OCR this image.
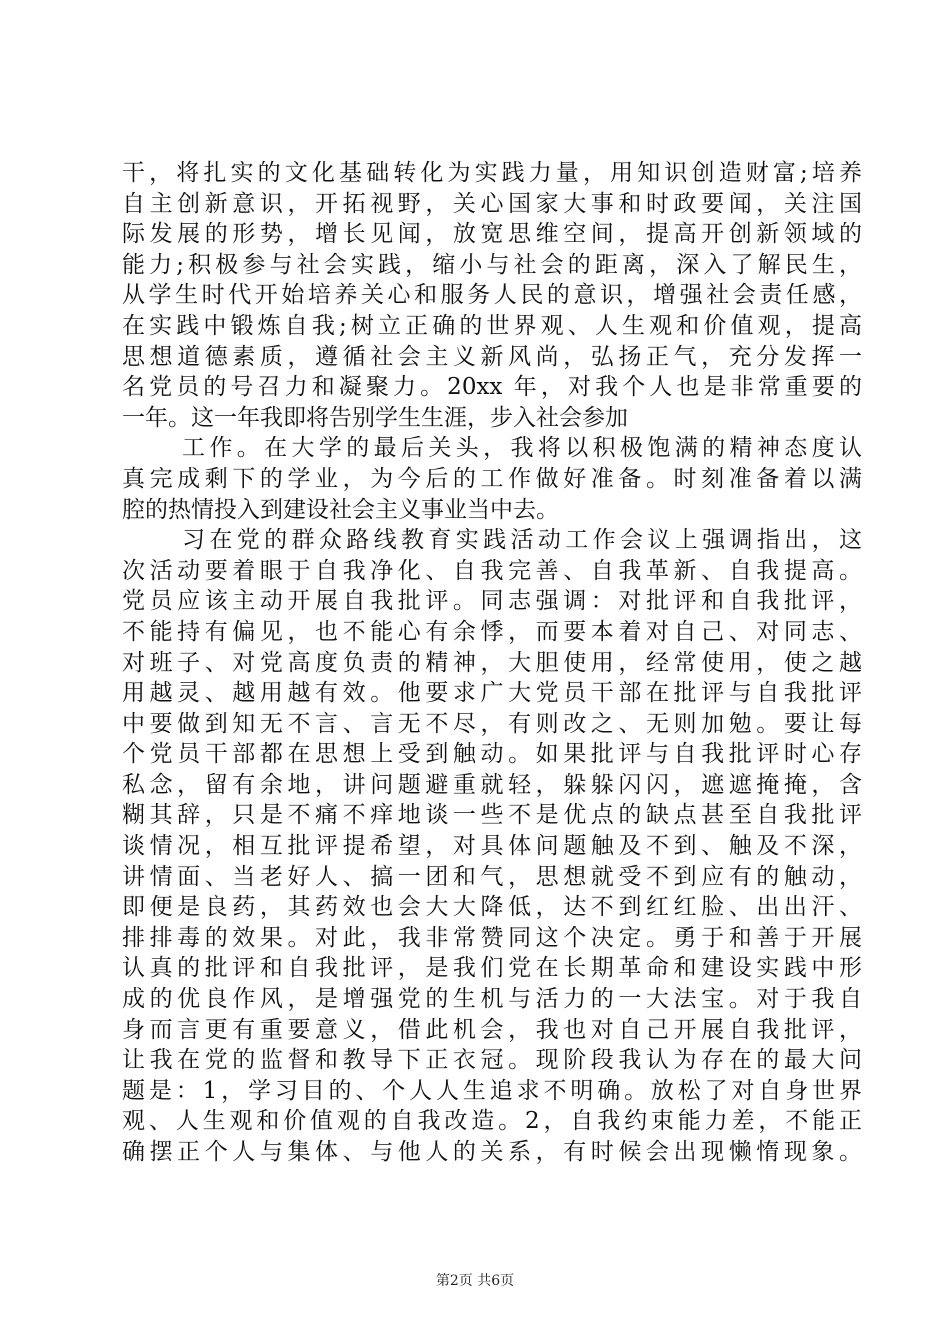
干，将扎实的文化基础转化为实践力量，用知识创造财富;培养
自主创新意识，开拓视野，关心国家大事和时政要闻，关注国
际发展的形势，增长见闻，放宽思维空间，提高开创新领域的
能力;积极参与社会实践，缩小与社会的距离，深入了解民生，
从学生时代开始培养关心和服务人民的意识，增强社会责任感，
在实践中锻炼自我;树立正确的世界观、人生观和价值观，提高
思想道德素质，遵循社会主义新风尚，弘扬正气，充分发挥一
名党员的号召力和凝聚力。20xx 年，对我个人也是非常重要的
一年。这一年我即将告别学生生涯，步入社会参加
工作。在大学的最后关头，我将以积极饱满的精神态度认
真完成剩下的学业，为今后的工作做好准备。时刻准备着以满
腔的热情投入到建设社会主义事业当中去。
习在党的群众路线教育实践活动工作会议上强调指出，这
次活动要着眼于自我净化、自我完善、自我革新、自我提高。
党员应该主动开展自我批评。同志强调：对批评和自我批评，
不能持有偏见，也不能心有余悸，而要本着对自己、对同志、
对班子、对党高度负责的精神，大胆使用，经常使用，使之越
用越灵、越用越有效。他要求广大党员干部在批评与自我批评
中要做到知无不言、言无不尽，有则改之、无则加勉。要让每
个党员干部都在思想上受到触动。如果批评与自我批评时心存
私念，留有余地，讲问题避重就轻，躲躲闪闪，遮遮掩掩，含
糊其辞，只是不痛不痒地谈一些不是优点的缺点甚至自我批评
谈情况，相互批评提希望，对具体问题触及不到、触及不深，
讲情面、当老好人、搞一团和气，思想就受不到应有的触动，
即便是良药，其药效也会大大降低，达不到红红脸、出出汗、
排排毒的效果。对此，我非常赞同这个决定。勇于和善于开展
认真的批评和自我批评，是我们党在长期革命和建设实践中形
成的优良作风，是增强党的生机与活力的一大法宝。对于我自
身而言更有重要意义，借此机会，我也对自己开展自我批评，
让我在党的监督和教导下正衣冠。现阶段我认为存在的最大问
题是：1，学习目的、个人人生追求不明确。放松了对自身世界
观、人生观和价值观的自我改造。2，自我约束能力差，不能正
确摆正个人与集体、与他人的关系，有时候会出现懒惰现象。
第2页 共6页
